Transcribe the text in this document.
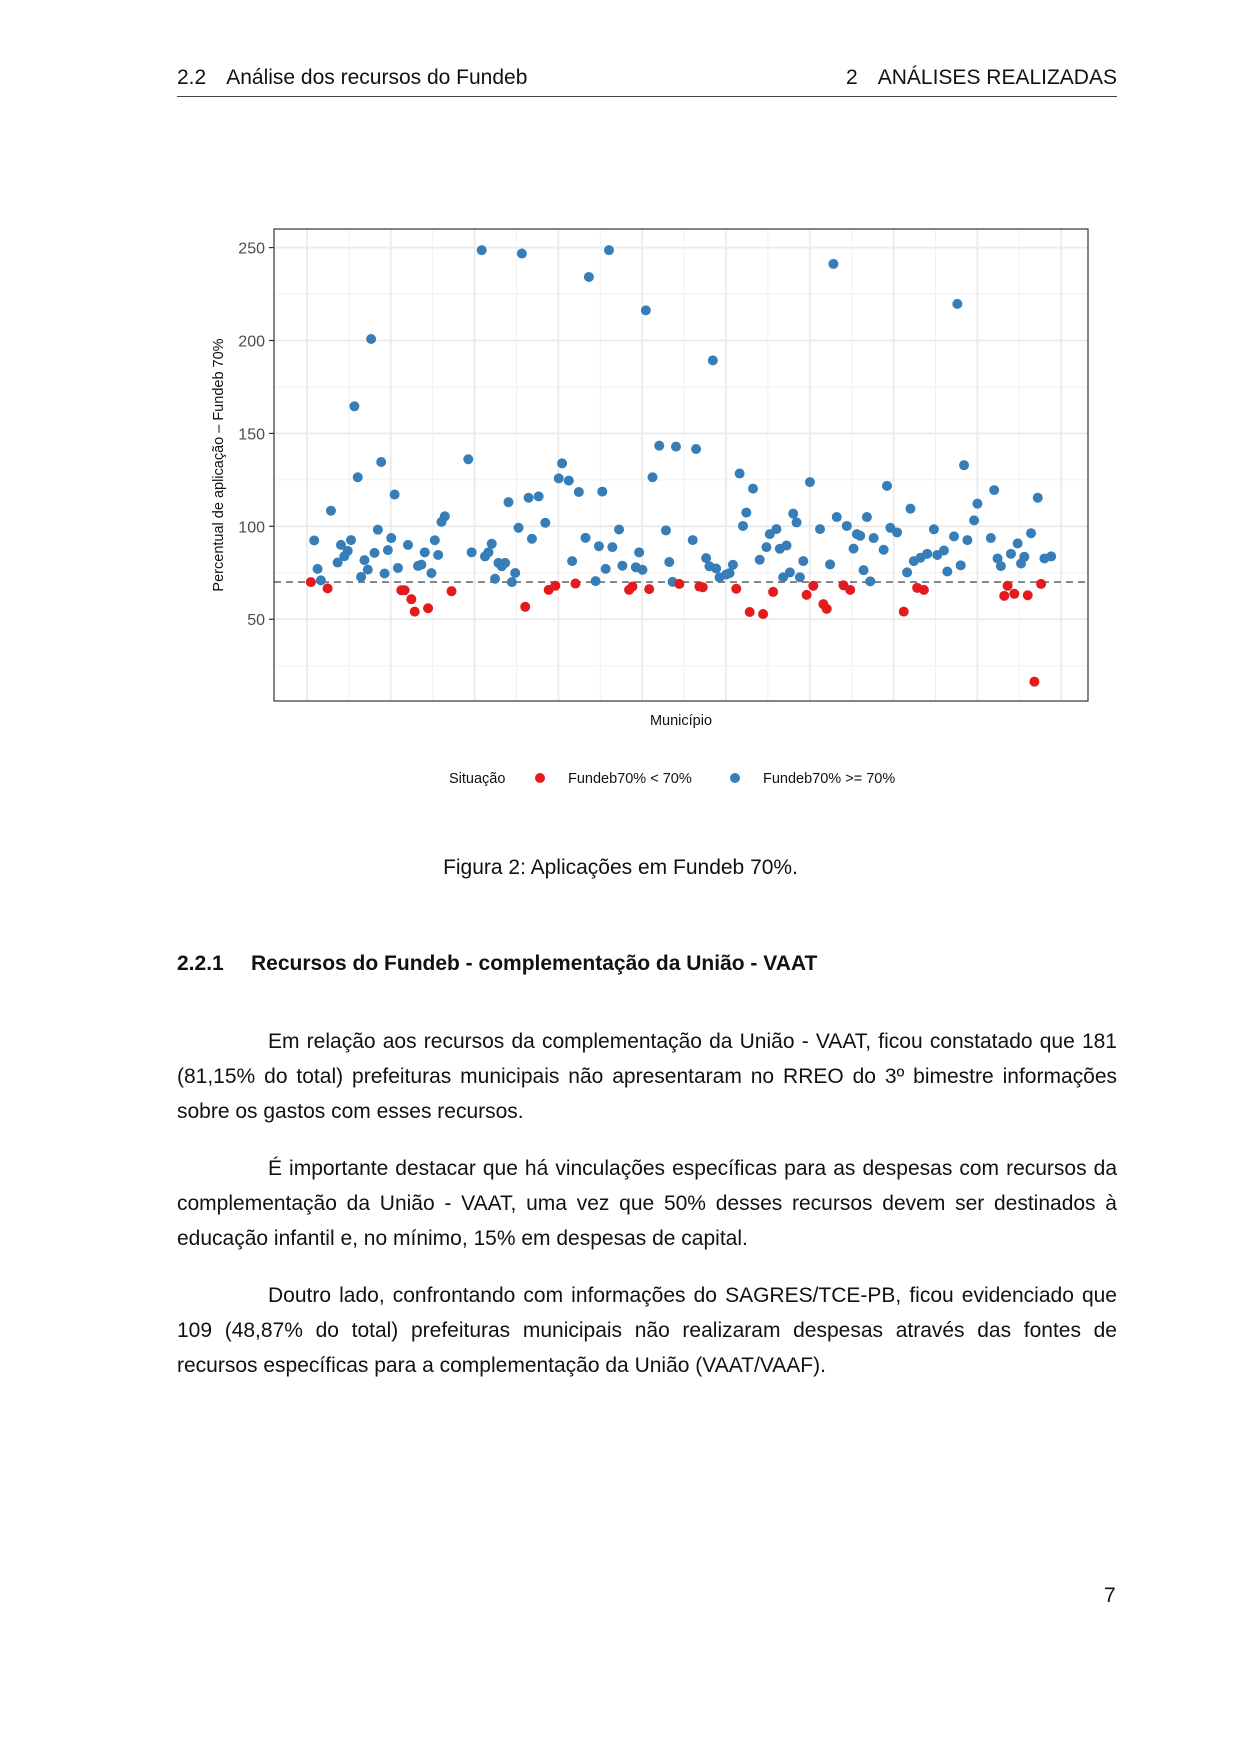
2.2 Análise dos recursos do Fundeb	2 ANÁLISES REALIZADAS
50
100
150
200
250
Percentual de aplicação – Fundeb 70%
Município
Situação	Fundeb70% < 70%	Fundeb70% >= 70%
Figura 2: Aplicações em Fundeb 70%.
2.2.1 Recursos do Fundeb - complementação da União - VAAT

Em relação aos recursos da complementação da União - VAAT, ficou constatado que 181 (81,15% do total) prefeituras municipais não apresentaram no RREO do 3º bimestre informações sobre os gastos com esses recursos.

É importante destacar que há vinculações específicas para as despesas com recursos da complementação da União - VAAT, uma vez que 50% desses recursos devem ser destinados à educação infantil e, no mínimo, 15% em despesas de capital.

Doutro lado, confrontando com informações do SAGRES/TCE-PB, ficou evidenciado que 109 (48,87% do total) prefeituras municipais não realizaram despesas através das fontes de recursos específicas para a complementação da União (VAAT/VAAF).

7
